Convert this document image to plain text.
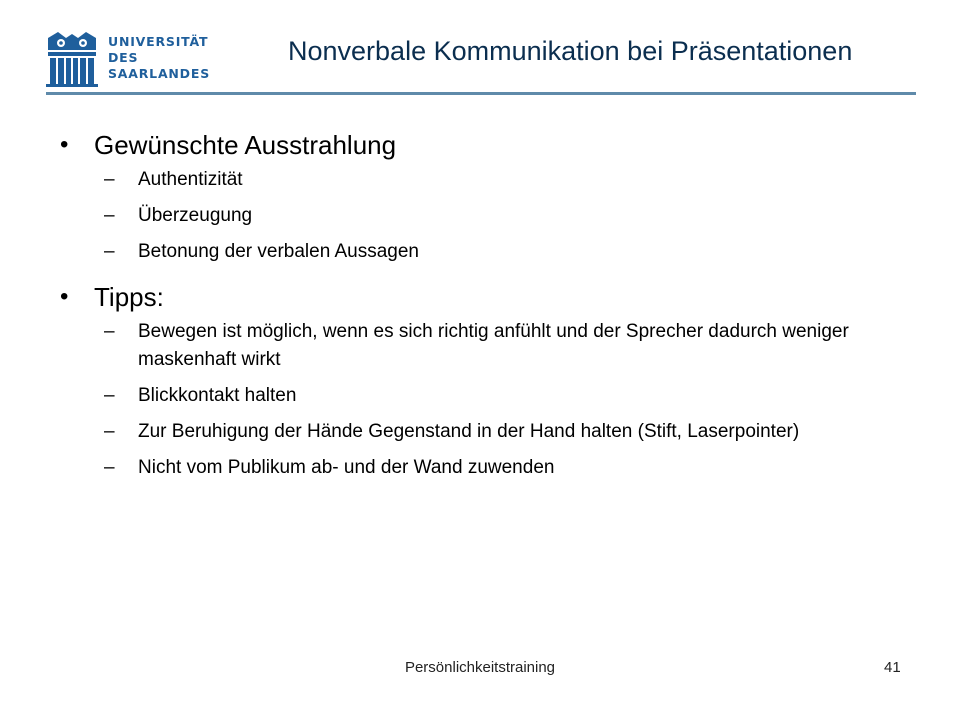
UNIVERSITÄT
DES
SAARLANDES
Nonverbale Kommunikation bei Präsentationen
• Gewünschte Ausstrahlung
–	Authentizität
–	Überzeugung
–	Betonung der verbalen Aussagen
• Tipps:
–	Bewegen ist möglich, wenn es sich richtig anfühlt und der Sprecher dadurch weniger maskenhaft wirkt
–	Blickkontakt halten
–	Zur Beruhigung der Hände Gegenstand in der Hand halten (Stift, Laserpointer)
–	Nicht vom Publikum ab- und der Wand zuwenden
Persönlichkeitstraining	41
